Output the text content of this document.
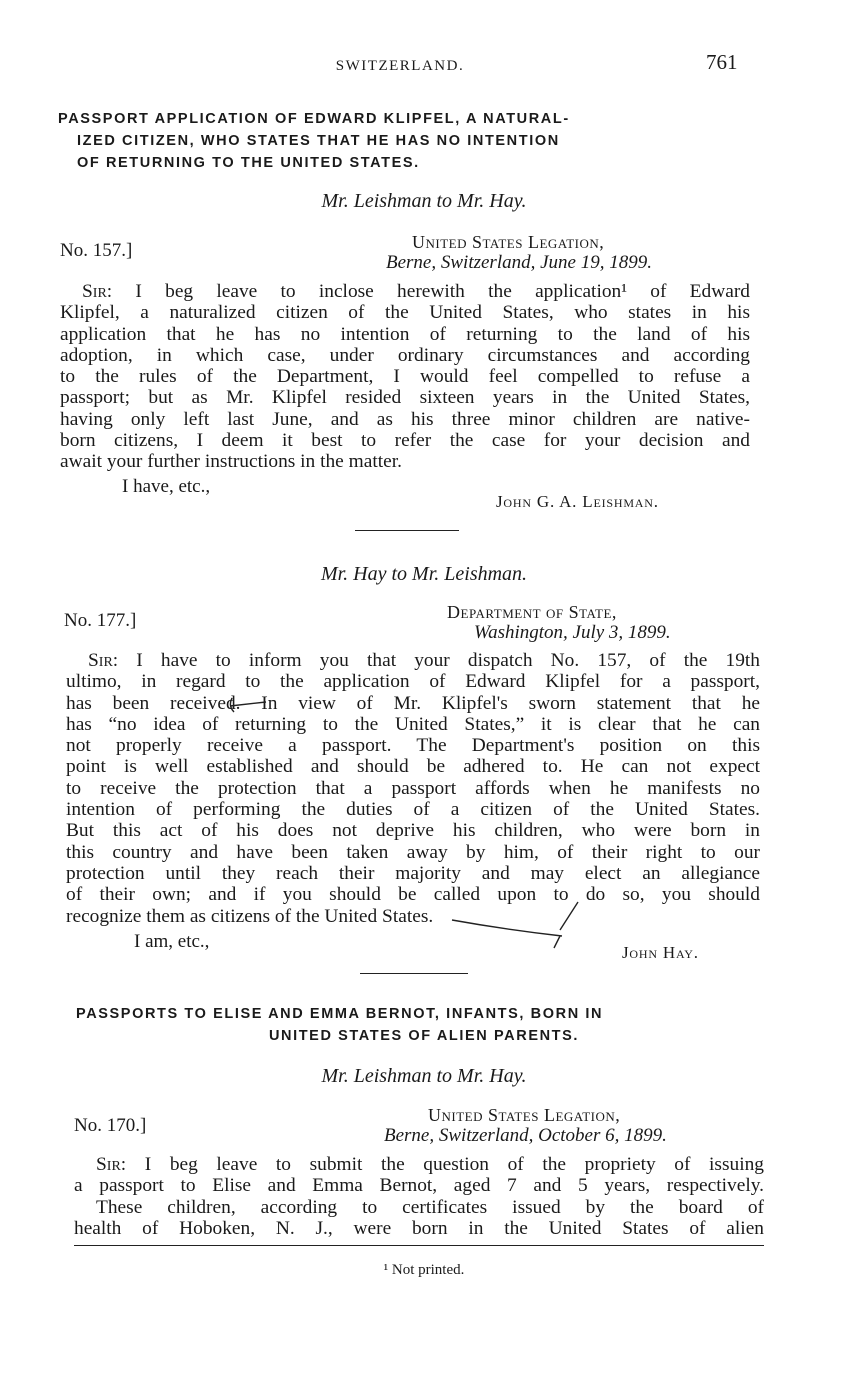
SWITZERLAND.	761
PASSPORT APPLICATION OF EDWARD KLIPFEL, A NATURAL-
IZED CITIZEN, WHO STATES THAT HE HAS NO INTENTION
OF RETURNING TO THE UNITED STATES.
Mr. Leishman to Mr. Hay.
No. 157.]	United States Legation,
Berne, Switzerland, June 19, 1899.
Sir: I beg leave to inclose herewith the application¹ of Edward
Klipfel, a naturalized citizen of the United States, who states in his
application that he has no intention of returning to the land of his
adoption, in which case, under ordinary circumstances and according
to the rules of the Department, I would feel compelled to refuse a
passport; but as Mr. Klipfel resided sixteen years in the United States,
having only left last June, and as his three minor children are native-
born citizens, I deem it best to refer the case for your decision and
await your further instructions in the matter.
I have, etc.,
John G. A. Leishman.
Mr. Hay to Mr. Leishman.
No. 177.]	Department of State,
Washington, July 3, 1899.
Sir: I have to inform you that your dispatch No. 157, of the 19th
ultimo, in regard to the application of Edward Klipfel for a passport,
has been received. In view of Mr. Klipfel's sworn statement that he
has “no idea of returning to the United States,” it is clear that he can
not properly receive a passport. The Department's position on this
point is well established and should be adhered to. He can not expect
to receive the protection that a passport affords when he manifests no
intention of performing the duties of a citizen of the United States.
But this act of his does not deprive his children, who were born in
this country and have been taken away by him, of their right to our
protection until they reach their majority and may elect an allegiance
of their own; and if you should be called upon to do so, you should
recognize them as citizens of the United States.
I am, etc.,
John Hay.
PASSPORTS TO ELISE AND EMMA BERNOT, INFANTS, BORN IN
UNITED STATES OF ALIEN PARENTS.
Mr. Leishman to Mr. Hay.
No. 170.]	United States Legation,
Berne, Switzerland, October 6, 1899.
Sir: I beg leave to submit the question of the propriety of issuing
a passport to Elise and Emma Bernot, aged 7 and 5 years, respectively.
These children, according to certificates issued by the board of
health of Hoboken, N. J., were born in the United States of alien
¹ Not printed.
